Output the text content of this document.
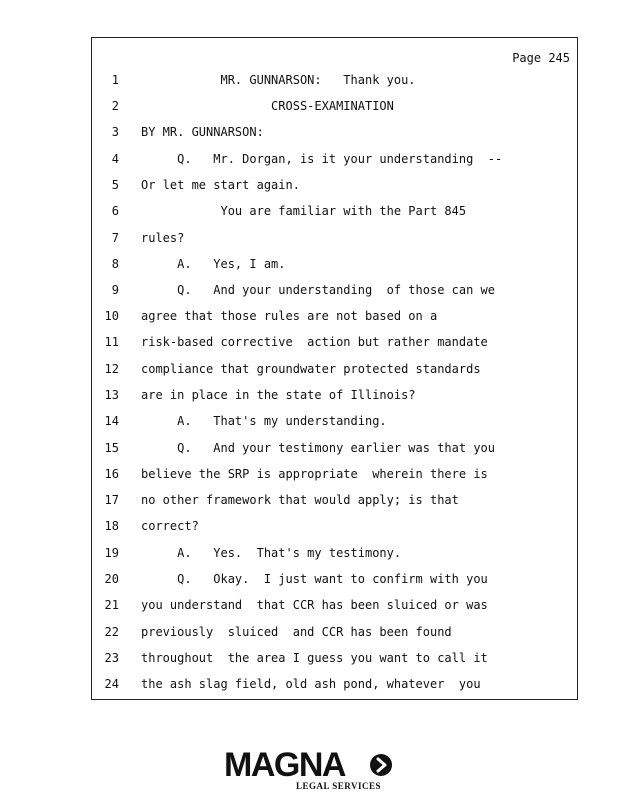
Page 245
1 MR. GUNNARSON:   Thank you.
2 CROSS-EXAMINATION
3 BY MR. GUNNARSON:
4 Q.   Mr. Dorgan, is it your understanding  --
5 Or let me start again.
6 You are familiar with the Part 845
7 rules?
8 A.   Yes, I am.
9 Q.   And your understanding  of those can we
10 agree that those rules are not based on a
11 risk-based corrective  action but rather mandate
12 compliance that groundwater protected standards
13 are in place in the state of Illinois?
14 A.   That's my understanding.
15 Q.   And your testimony earlier was that you
16 believe the SRP is appropriate  wherein there is
17 no other framework that would apply; is that
18 correct?
19 A.   Yes.  That's my testimony.
20 Q.   Okay.  I just want to confirm with you
21 you understand  that CCR has been sluiced or was
22 previously  sluiced  and CCR has been found
23 throughout  the area I guess you want to call it
24 the ash slag field, old ash pond, whatever  you
MAGNA
LEGAL SERVICES
